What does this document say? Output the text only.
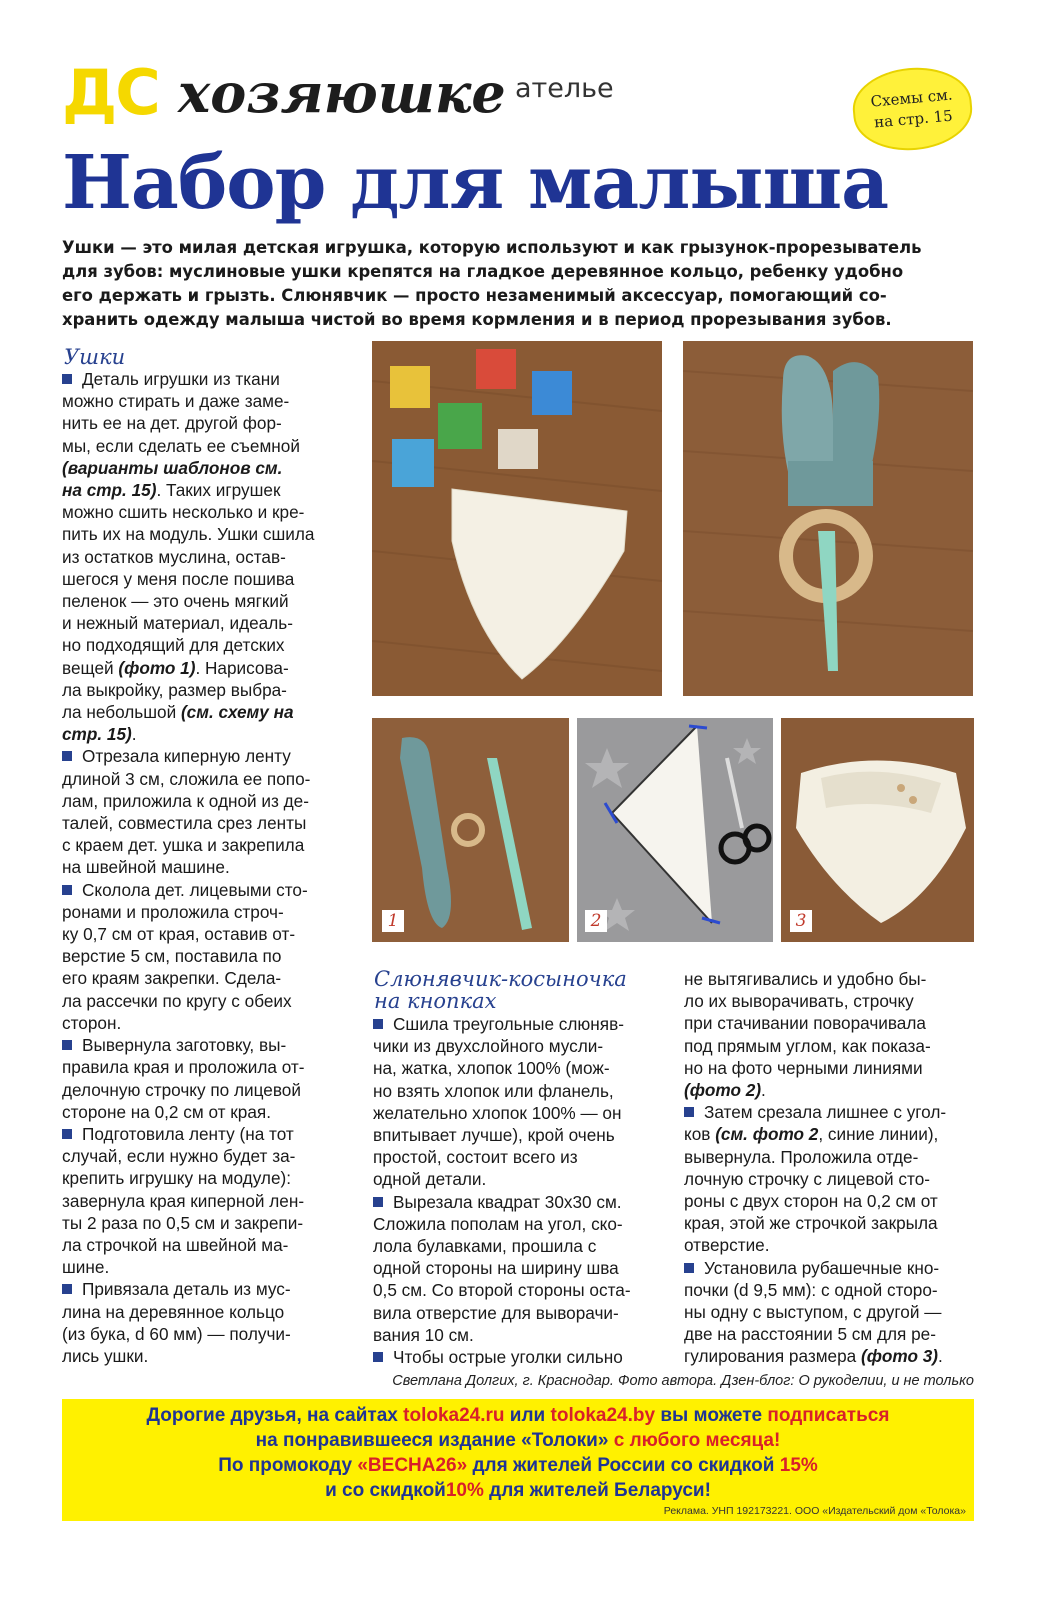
ДС хозяюшке ателье	Схемы см.
на стр. 15
Набор для малыша
Ушки — это милая детская игрушка, которую используют и как грызунок-прорезыватель
для зубов: муслиновые ушки крепятся на гладкое деревянное кольцо, ребенку удобно
его держать и грызть. Слюнявчик — просто незаменимый аксессуар, помогающий со-
хранить одежду малыша чистой во время кормления и в период прорезывания зубов.
Ушки
Деталь игрушки из ткани
можно стирать и даже заме-
нить ее на дет. другой фор-
мы, если сделать ее съемной
(варианты шаблонов см.
на стр. 15). Таких игрушек
можно сшить несколько и кре-
пить их на модуль. Ушки сшила
из остатков муслина, остав-
шегося у меня после пошива
пеленок — это очень мягкий
и нежный материал, идеаль-
но подходящий для детских
вещей (фото 1). Нарисова-
ла выкройку, размер выбра-
ла небольшой (см. схему на
стр. 15).
Отрезала киперную ленту
длиной 3 см, сложила ее попо-
лам, приложила к одной из де-
талей, совместила срез ленты
с краем дет. ушка и закрепила
на швейной машине.
Сколола дет. лицевыми сто-
ронами и проложила строч-
ку 0,7 см от края, оставив от-
верстие 5 см, поставила по
его краям закрепки. Сдела-
ла рассечки по кругу с обеих
сторон.
Вывернула заготовку, вы-
правила края и проложила от-
делочную строчку по лицевой
стороне на 0,2 см от края.
Подготовила ленту (на тот
случай, если нужно будет за-
крепить игрушку на модуле):
завернула края киперной лен-
ты 2 раза по 0,5 см и закрепи-
ла строчкой на швейной ма-
шине.
Привязала деталь из мус-
лина на деревянное кольцо
(из бука, d 60 мм) — получи-
лись ушки.
1	2	3
Слюнявчик-косыночка
на кнопках
Сшила треугольные слюняв-
чики из двухслойного мусли-
на, жатка, хлопок 100% (мож-
но взять хлопок или фланель,
желательно хлопок 100% — он
впитывает лучше), крой очень
простой, состоит всего из
одной детали.
Вырезала квадрат 30х30 см.
Сложила пополам на угол, ско-
лола булавками, прошила с
одной стороны на ширину шва
0,5 см. Со второй стороны оста-
вила отверстие для выворачи-
вания 10 см.
Чтобы острые уголки сильно
не вытягивались и удобно бы-
ло их выворачивать, строчку
при стачивании поворачивала
под прямым углом, как показа-
но на фото черными линиями
(фото 2).
Затем срезала лишнее с угол-
ков (см. фото 2, синие линии),
вывернула. Проложила отде-
лочную строчку с лицевой сто-
роны с двух сторон на 0,2 см от
края, этой же строчкой закрыла
отверстие.
Установила рубашечные кно-
почки (d 9,5 мм): с одной сторо-
ны одну с выступом, с другой —
две на расстоянии 5 см для ре-
гулирования размера (фото 3).
Светлана Долгих, г. Краснодар. Фото автора. Дзен-блог: О рукоделии, и не только
Дорогие друзья, на сайтах toloka24.ru или toloka24.by вы можете подписаться
на понравившееся издание «Толоки» с любого месяца!
По промокоду «ВЕСНА26» для жителей России со скидкой 15%
и со скидкой10% для жителей Беларуси!
Реклама. УНП 192173221. ООО «Издательский дом «Толока»
